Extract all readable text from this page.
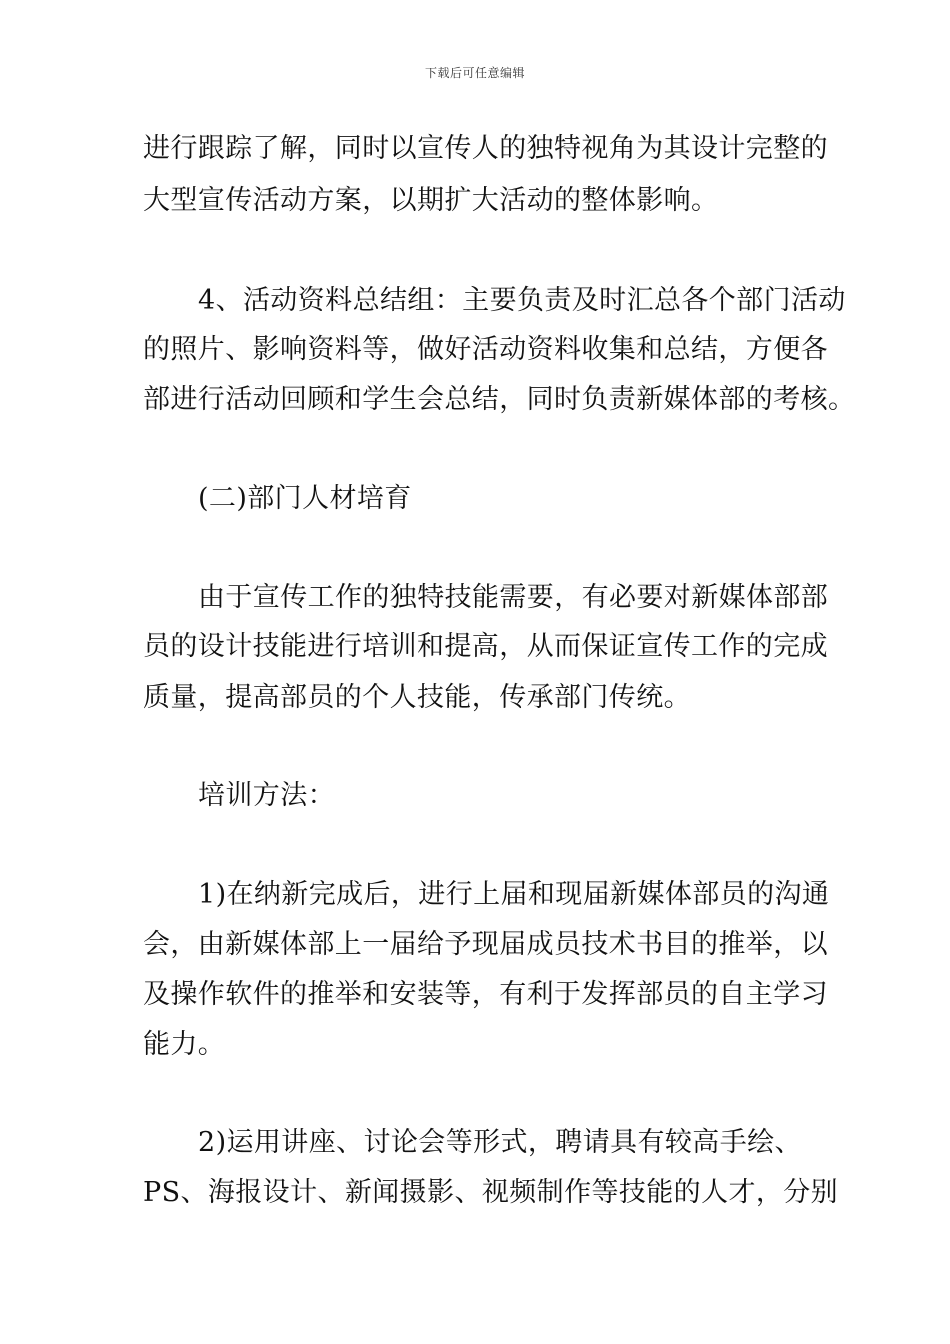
下载后可任意编辑
进行跟踪了解，同时以宣传人的独特视角为其设计完整的
大型宣传活动方案，以期扩大活动的整体影响。
4、活动资料总结组：主要负责及时汇总各个部门活动
的照片、影响资料等，做好活动资料收集和总结，方便各
部进行活动回顾和学生会总结，同时负责新媒体部的考核。
(二)部门人材培育
由于宣传工作的独特技能需要，有必要对新媒体部部
员的设计技能进行培训和提高，从而保证宣传工作的完成
质量，提高部员的个人技能，传承部门传统。
培训方法：
1)在纳新完成后，进行上届和现届新媒体部员的沟通
会，由新媒体部上一届给予现届成员技术书目的推举，以
及操作软件的推举和安装等，有利于发挥部员的自主学习
能力。
2)运用讲座、讨论会等形式，聘请具有较高手绘、
PS、海报设计、新闻摄影、视频制作等技能的人才，分别
